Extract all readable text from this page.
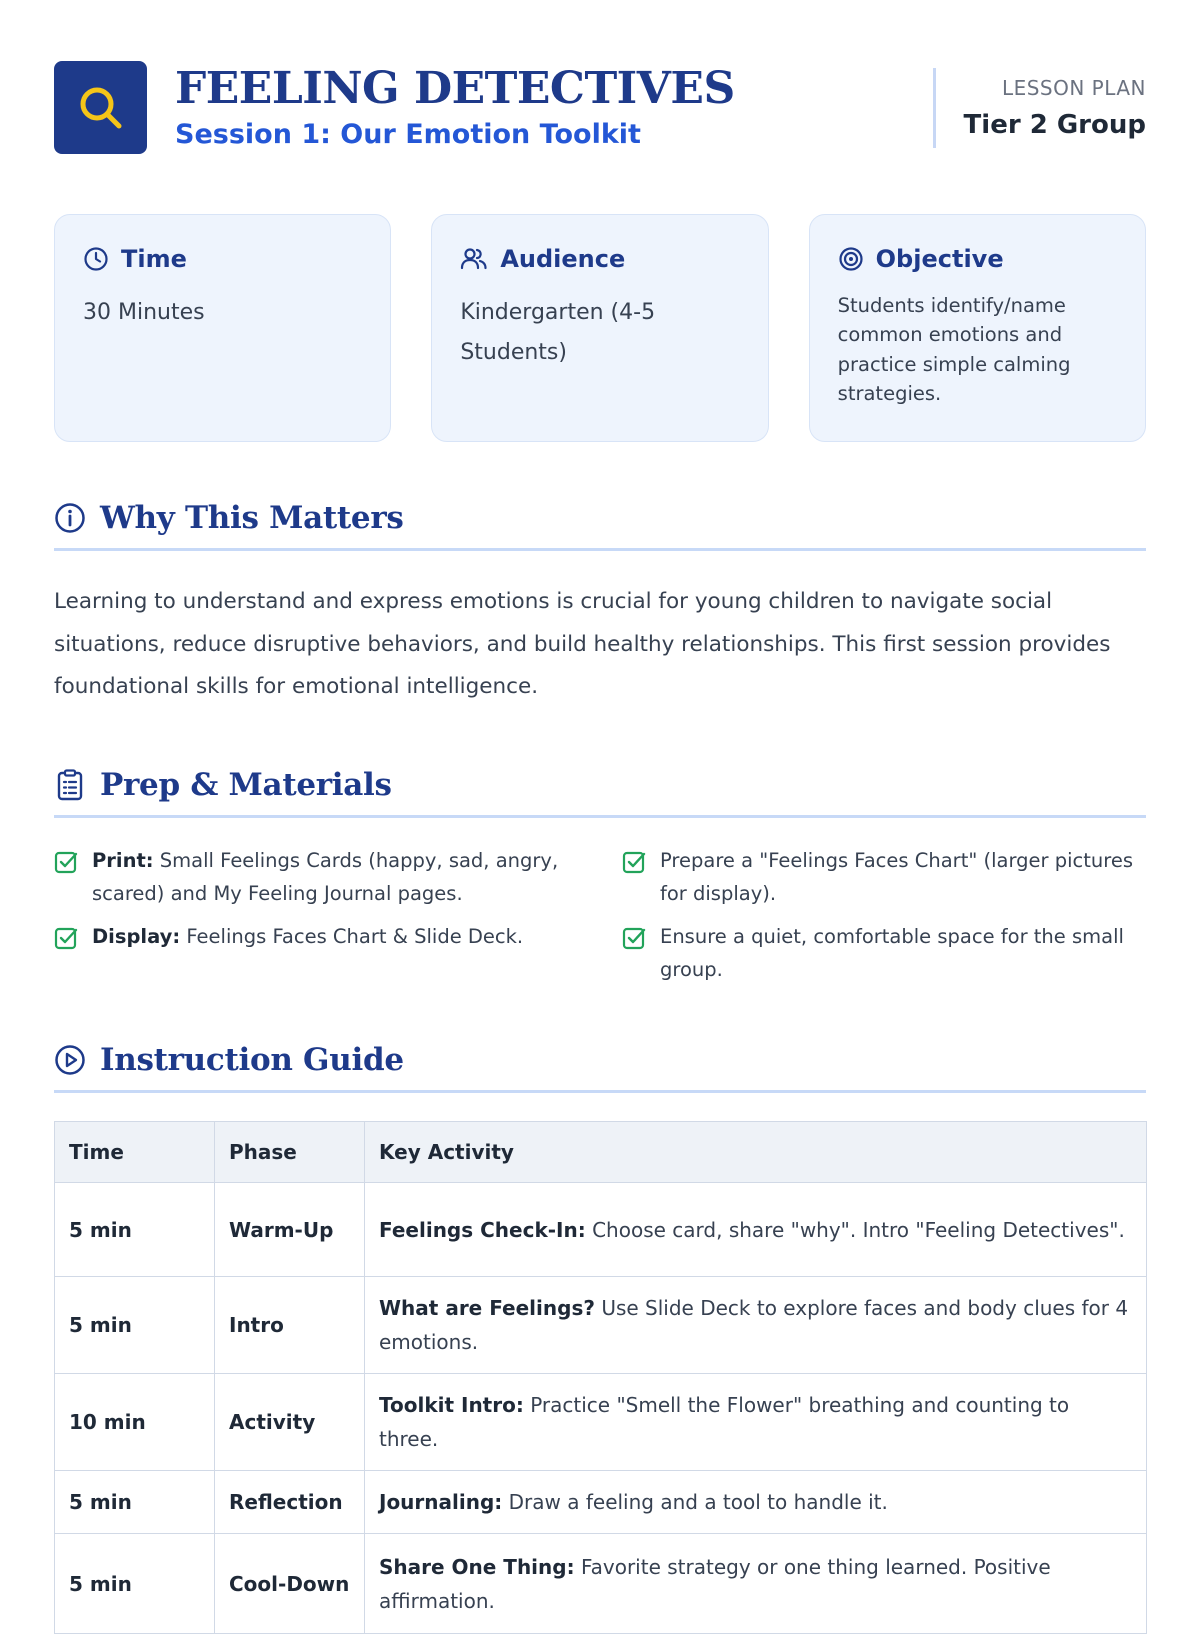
FEELING DETECTIVES
Session 1: Our Emotion Toolkit
LESSON PLAN
Tier 2 Group
Time
30 Minutes
Audience
Kindergarten (4-5 Students)
Objective
Students identify/name common emotions and practice simple calming strategies.
Why This Matters

Learning to understand and express emotions is crucial for young children to navigate social situations, reduce disruptive behaviors, and build healthy relationships. This first session provides foundational skills for emotional intelligence.

Prep & Materials
Print: Small Feelings Cards (happy, sad, angry, scared) and My Feeling Journal pages.
Prepare a "Feelings Faces Chart" (larger pictures for display).
Display: Feelings Faces Chart & Slide Deck.	Ensure a quiet, comfortable space for the small group.
Instruction Guide
Time	Phase	Key Activity
5 min	Warm-Up	Feelings Check-In: Choose card, share "why". Intro "Feeling Detectives".
5 min	Intro	What are Feelings? Use Slide Deck to explore faces and body clues for 4 emotions.
10 min	Activity	Toolkit Intro: Practice "Smell the Flower" breathing and counting to three.
5 min	Reflection	Journaling: Draw a feeling and a tool to handle it.
5 min	Cool-Down	Share One Thing: Favorite strategy or one thing learned. Positive affirmation.
